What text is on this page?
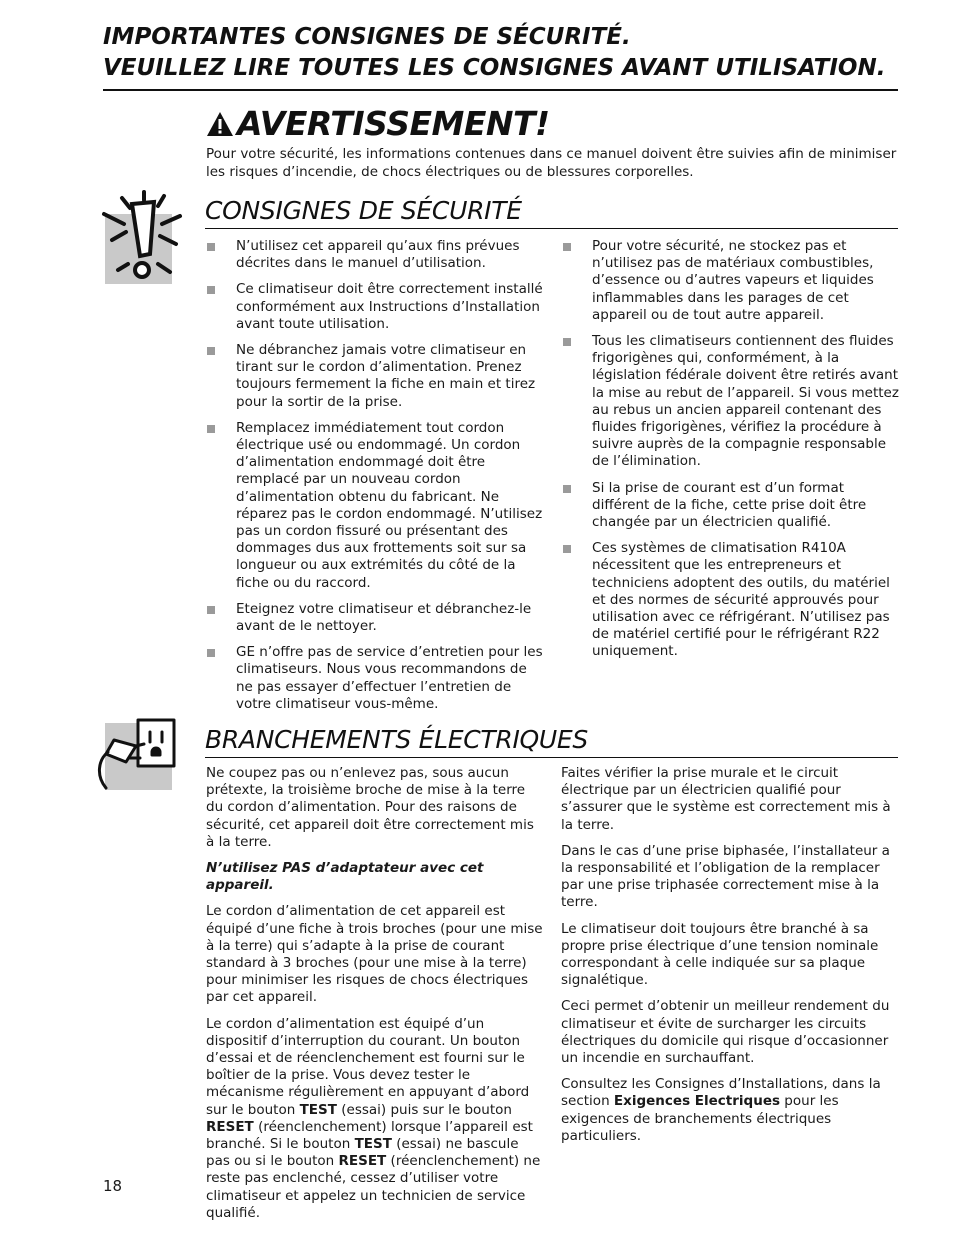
IMPORTANTES CONSIGNES DE SÉCURITÉ.
VEUILLEZ LIRE TOUTES LES CONSIGNES AVANT UTILISATION.
AVERTISSEMENT!
Pour votre sécurité, les informations contenues dans ce manuel doivent être suivies afin de minimiser les risques d’incendie, de chocs électriques ou de blessures corporelles.
CONSIGNES DE SÉCURITÉ
N’utilisez cet appareil qu’aux fins prévues décrites dans le manuel d’utilisation.
Ce climatiseur doit être correctement installé conformément aux Instructions d’Installation avant toute utilisation.
Ne débranchez jamais votre climatiseur en tirant sur le cordon d’alimentation. Prenez toujours fermement la fiche en main et tirez pour la sortir de la prise.
Remplacez immédiatement tout cordon électrique usé ou endommagé. Un cordon d’alimentation endommagé doit être remplacé par un nouveau cordon d’alimentation obtenu du fabricant. Ne réparez pas le cordon endommagé. N’utilisez pas un cordon fissuré ou présentant des dommages dus aux frottements soit sur sa longueur ou aux extrémités du côté de la fiche ou du raccord.
Eteignez votre climatiseur et débranchez-le avant de le nettoyer.
GE n’offre pas de service d’entretien pour les climatiseurs. Nous vous recommandons de ne pas essayer d’effectuer l’entretien de votre climatiseur vous-même.
Pour votre sécurité, ne stockez pas et n’utilisez pas de matériaux combustibles, d’essence ou d’autres vapeurs et liquides inflammables dans les parages de cet appareil ou de tout autre appareil.
Tous les climatiseurs contiennent des fluides frigorigènes qui, conformément, à la législation fédérale doivent être retirés avant la mise au rebut de l’appareil. Si vous mettez au rebus un ancien appareil contenant des fluides frigorigènes, vérifiez la procédure à suivre auprès de la compagnie responsable de l’élimination.
Si la prise de courant est d’un format différent de la fiche, cette prise doit être changée par un électricien qualifié.
Ces systèmes de climatisation R410A nécessitent que les entrepreneurs et techniciens adoptent des outils, du matériel et des normes de sécurité approuvés pour utilisation avec ce réfrigérant. N’utilisez pas de matériel certifié pour le réfrigérant R22 uniquement.
BRANCHEMENTS ÉLECTRIQUES

Ne coupez pas ou n’enlevez pas, sous aucun prétexte, la troisième broche de mise à la terre du cordon d’alimentation. Pour des raisons de sécurité, cet appareil doit être correctement mis à la terre.

N’utilisez PAS d’adaptateur avec cet appareil.

Le cordon d’alimentation de cet appareil est équipé d’une fiche à trois broches (pour une mise à la terre) qui s’adapte à la prise de courant standard à 3 broches (pour une mise à la terre) pour minimiser les risques de chocs électriques par cet appareil.

Le cordon d’alimentation est équipé d’un dispositif d’interruption du courant. Un bouton d’essai et de réenclenchement est fourni sur le boîtier de la prise. Vous devez tester le mécanisme régulièrement en appuyant d’abord sur le bouton TEST (essai) puis sur le bouton RESET (réenclenchement) lorsque l’appareil est branché. Si le bouton TEST (essai) ne bascule pas ou si le bouton RESET (réenclenchement) ne reste pas enclenché, cessez d’utiliser votre climatiseur et appelez un technicien de service qualifié.

Faites vérifier la prise murale et le circuit électrique par un électricien qualifié pour s’assurer que le système est correctement mis à la terre.

Dans le cas d’une prise biphasée, l’installateur a la responsabilité et l’obligation de la remplacer par une prise triphasée correctement mise à la terre.

Le climatiseur doit toujours être branché à sa propre prise électrique d’une tension nominale correspondant à celle indiquée sur sa plaque signalétique.

Ceci permet d’obtenir un meilleur rendement du climatiseur et évite de surcharger les circuits électriques du domicile qui risque d’occasionner un incendie en surchauffant.

Consultez les Consignes d’Installations, dans la section Exigences Electriques pour les exigences de branchements électriques particuliers.

18
